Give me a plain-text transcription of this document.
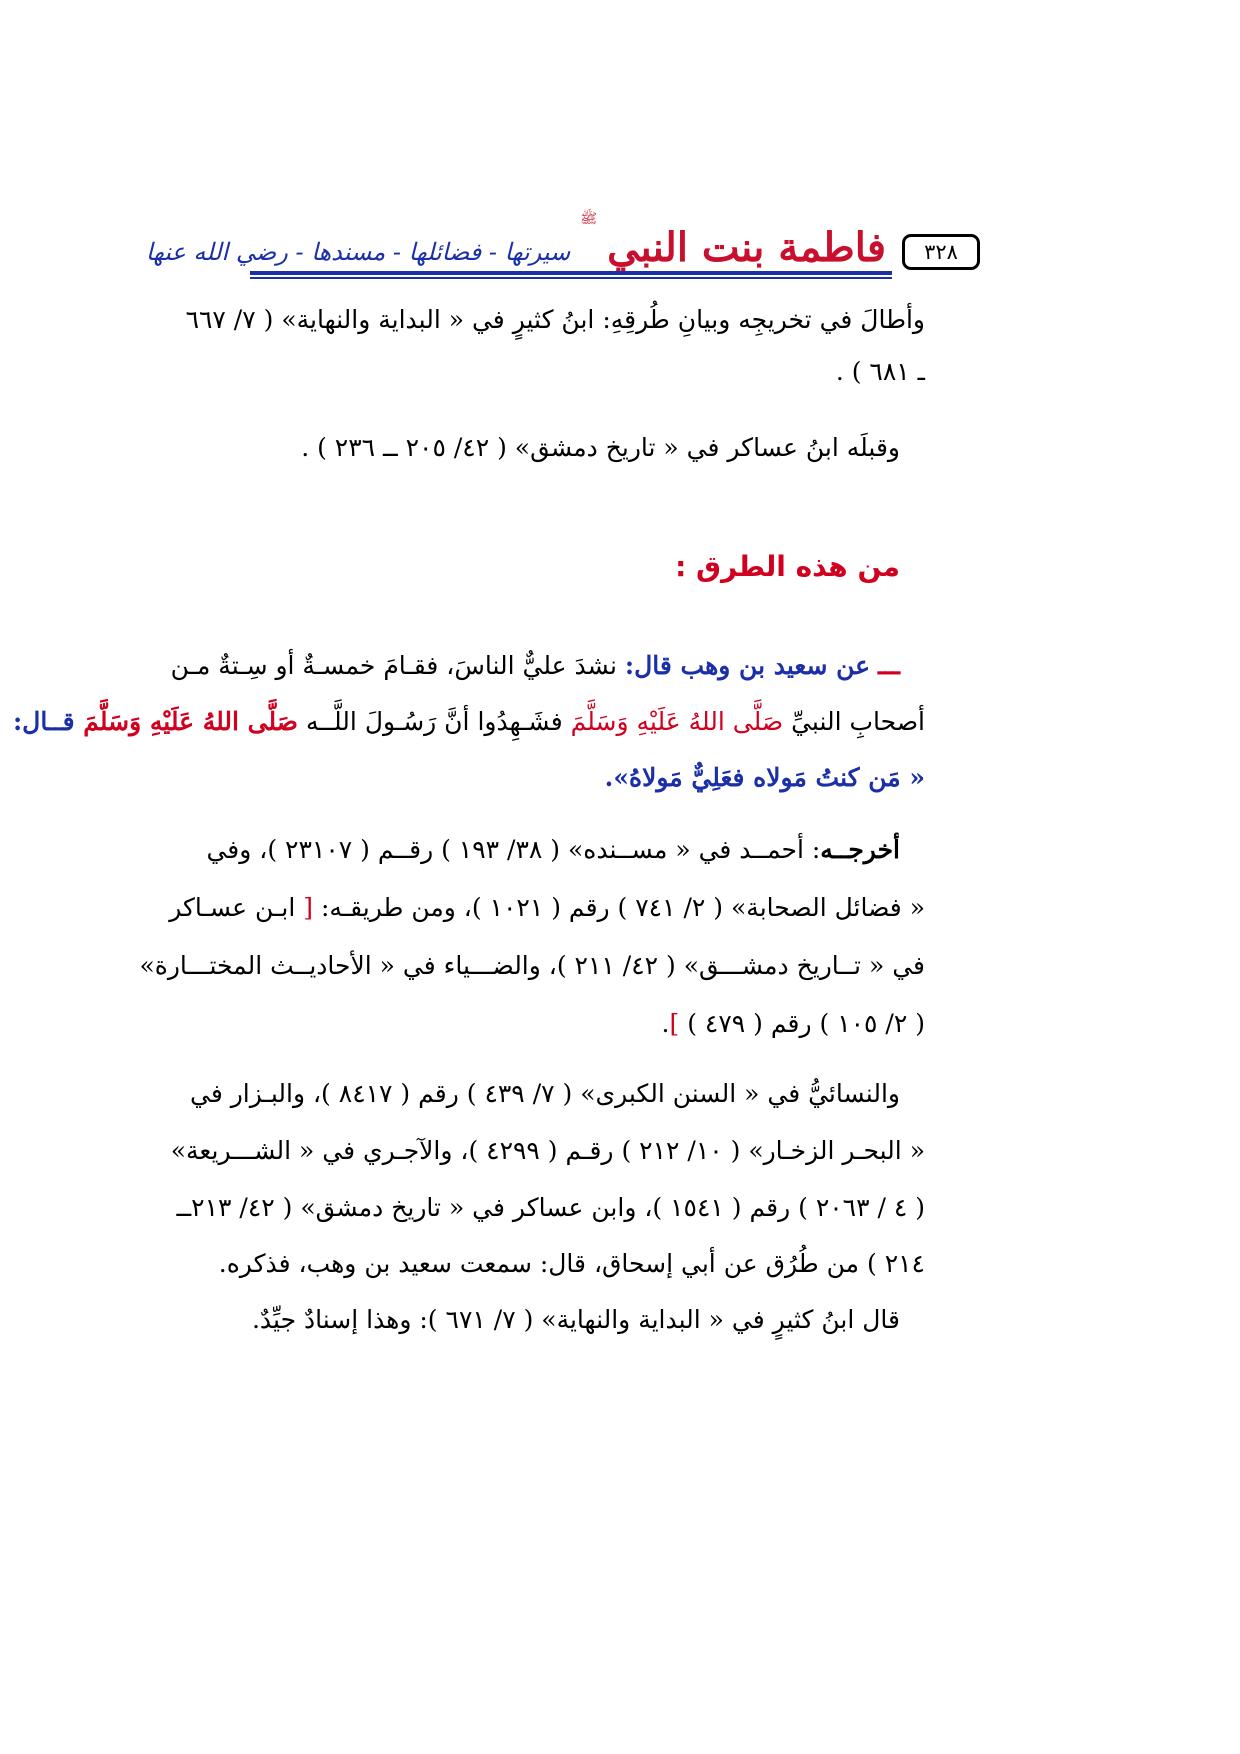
فاطمة بنت النبي
ﷺ
سيرتها - فضائلها - مسندها - رضي الله عنها	٣٢٨
وأطالَ في تخريجِه وبيانِ طُرقِهِ: ابنُ كثيرٍ في « البداية والنهاية» ( ٧/ ٦٦٧
ـ ٦٨١ ) .
وقبلَه ابنُ عساكر في « تاريخ دمشق» ( ٤٢/ ٢٠٥ ــ ٢٣٦ ) .
من هذه الطرق :
ـــ عن سعيد بن وهب قال: نشدَ عليٌّ الناسَ، فقـامَ خمسـةٌ أو سِـتةٌ مـن
أصحابِ النبيِّ صَلَّى اللهُ عَلَيْهِ وَسَلَّمَ فشَـهِدُوا أنَّ رَسُـولَ اللَّــه صَلَّى اللهُ عَلَيْهِ وَسَلَّمَ قــال:
« مَن كنتُ مَولاه فعَلِيٌّ مَولاهُ».
أخرجــه: أحمــد في « مســنده» ( ٣٨/ ١٩٣ ) رقــم ( ٢٣١٠٧ )، وفي
« فضائل الصحابة» ( ٢/ ٧٤١ ) رقم ( ١٠٢١ )، ومن طريقـه: [ ابـن عسـاكر
في « تــاريخ دمشـــق» ( ٤٢/ ٢١١ )، والضـــياء في « الأحاديــث المختـــارة»
( ٢/ ١٠٥ ) رقم ( ٤٧٩ ) ].
والنسائيُّ في « السنن الكبرى» ( ٧/ ٤٣٩ ) رقم ( ٨٤١٧ )، والبـزار في
« البحـر الزخـار» ( ١٠/ ٢١٢ ) رقـم ( ٤٢٩٩ )، والآجـري في « الشـــريعة»
( ٤ / ٢٠٦٣ ) رقم ( ١٥٤١ )، وابن عساكر في « تاريخ دمشق» ( ٤٢/ ٢١٣ــ
٢١٤ ) من طُرُق عن أبي إسحاق، قال: سمعت سعيد بن وهب، فذكره.
قال ابنُ كثيرٍ في « البداية والنهاية» ( ٧/ ٦٧١ ): وهذا إسنادٌ جيِّدٌ.
